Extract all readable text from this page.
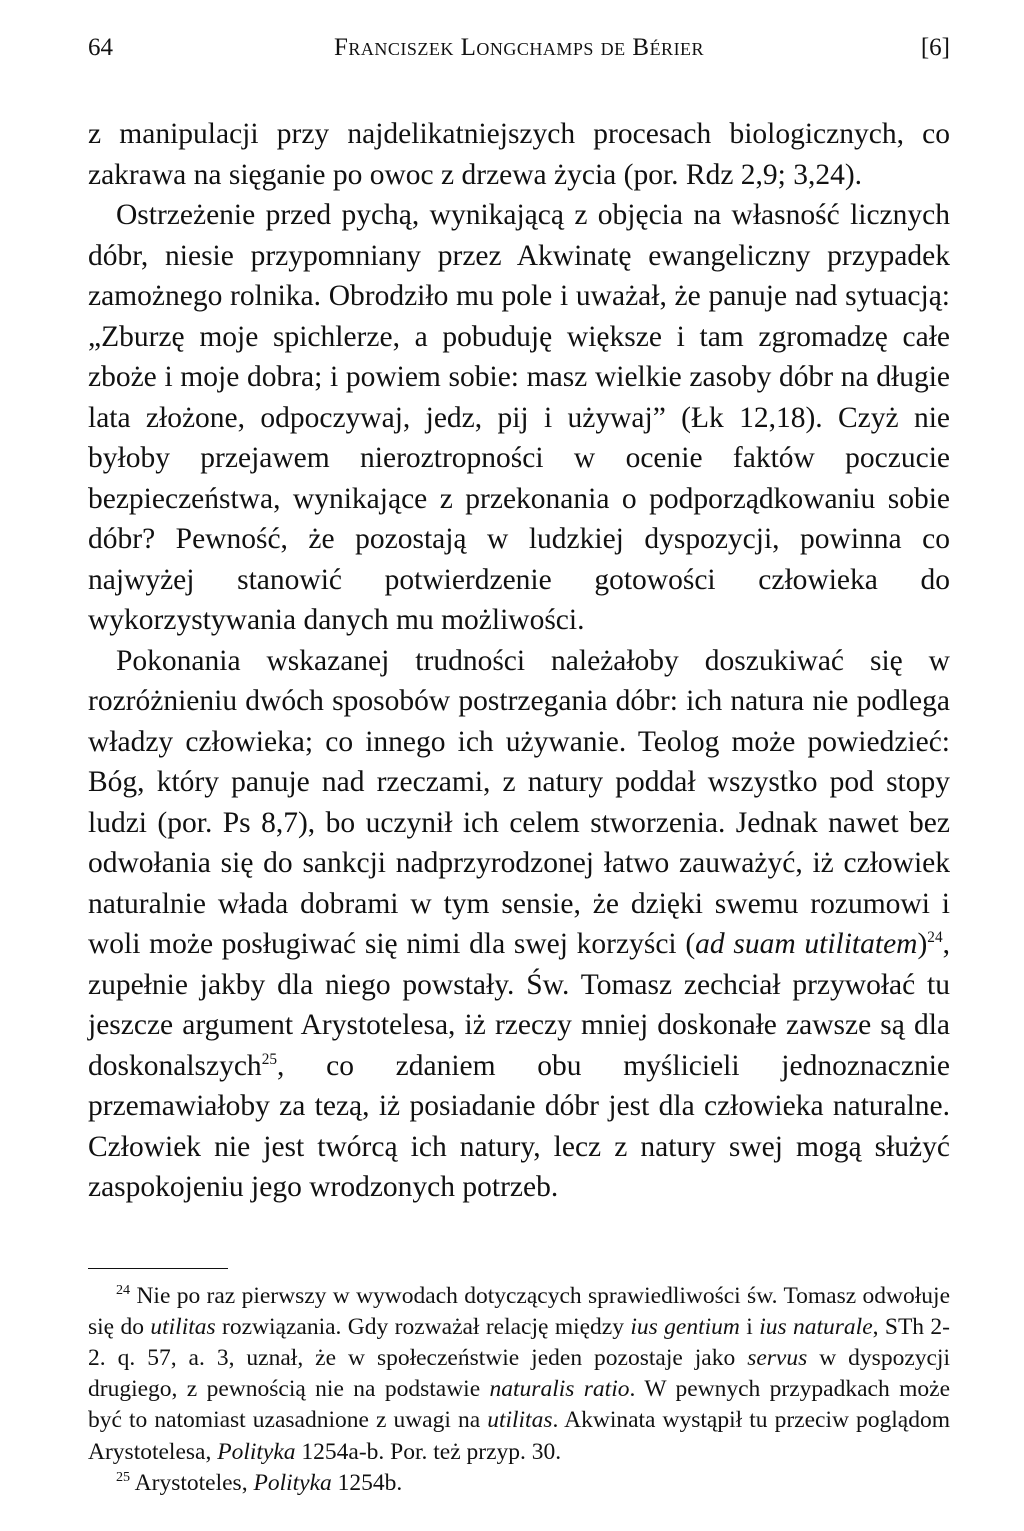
64	Franciszek Longchamps de Bérier	[6]

z manipulacji przy najdelikatniejszych procesach biologicznych, co zakrawa na sięganie po owoc z drzewa życia (por. Rdz 2,9; 3,24).

Ostrzeżenie przed pychą, wynikającą z objęcia na własność licznych dóbr, niesie przypomniany przez Akwinatę ewangeliczny przypadek zamożnego rolnika. Obrodziło mu pole i uważał, że panuje nad sytuacją: „Zburzę moje spichlerze, a pobuduję większe i tam zgromadzę całe zboże i moje dobra; i powiem sobie: masz wielkie zasoby dóbr na długie lata złożone, odpoczywaj, jedz, pij i używaj” (Łk 12,18). Czyż nie byłoby przejawem nieroztropności w ocenie faktów poczucie bezpieczeństwa, wynikające z przekonania o podporządkowaniu sobie dóbr? Pewność, że pozostają w ludzkiej dyspozycji, powinna co najwyżej stanowić potwierdzenie gotowości człowieka do wykorzystywania danych mu możliwości.

Pokonania wskazanej trudności należałoby doszukiwać się w rozróżnieniu dwóch sposobów postrzegania dóbr: ich natura nie podlega władzy człowieka; co innego ich używanie. Teolog może powiedzieć: Bóg, który panuje nad rzeczami, z natury poddał wszystko pod stopy ludzi (por. Ps 8,7), bo uczynił ich celem stworzenia. Jednak nawet bez odwołania się do sankcji nadprzyrodzonej łatwo zauważyć, iż człowiek naturalnie włada dobrami w tym sensie, że dzięki swemu rozumowi i woli może posługiwać się nimi dla swej korzyści (ad suam utilitatem)$^{24}$, zupełnie jakby dla niego powstały. Św. Tomasz zechciał przywołać tu jeszcze argument Arystotelesa, iż rzeczy mniej doskonałe zawsze są dla doskonalszych$^{25}$, co zdaniem obu myślicieli jednoznacznie przemawiałoby za tezą, iż posiadanie dóbr jest dla człowieka naturalne. Człowiek nie jest twórcą ich natury, lecz z natury swej mogą służyć zaspokojeniu jego wrodzonych potrzeb.

$^{24}$ Nie po raz pierwszy w wywodach dotyczących sprawiedliwości św. Tomasz odwołuje się do utilitas rozwiązania. Gdy rozważał relację między ius gentium i ius naturale, STh 2-2. q. 57, a. 3, uznał, że w społeczeństwie jeden pozostaje jako servus w dyspozycji drugiego, z pewnością nie na podstawie naturalis ratio. W pewnych przypadkach może być to natomiast uzasadnione z uwagi na utilitas. Akwinata wystąpił tu przeciw poglądom Arystotelesa, Polityka 1254a-b. Por. też przyp. 30.

$^{25}$ Arystoteles, Polityka 1254b.
